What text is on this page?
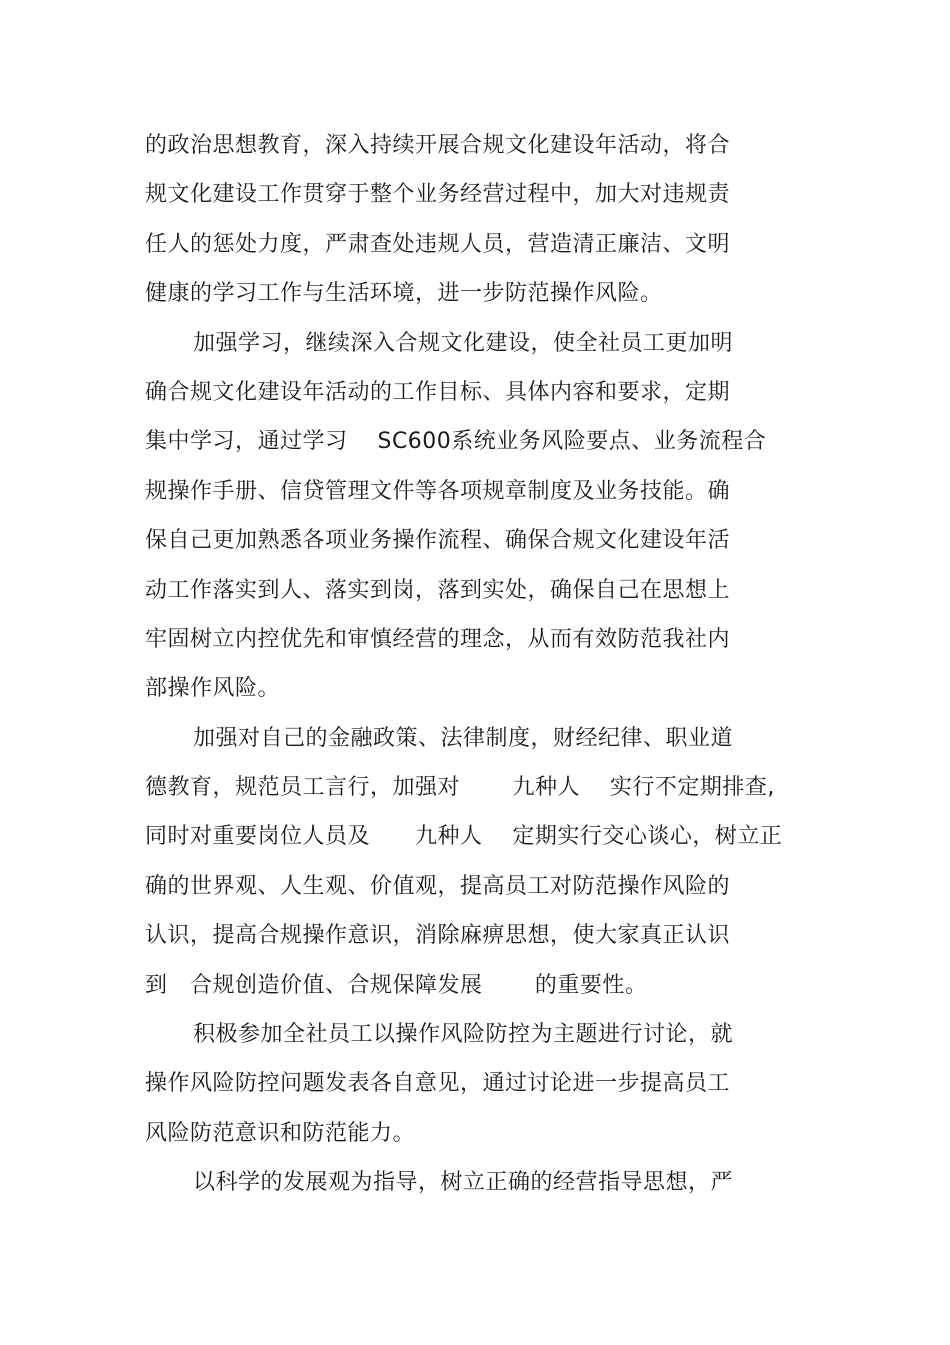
的政治思想教育，深入持续开展合规文化建设年活动，将合
规文化建设工作贯穿于整个业务经营过程中，加大对违规责
任人的惩处力度，严肃查处违规人员，营造清正廉洁、文明
健康的学习工作与生活环境，进一步防范操作风险。
加强学习，继续深入合规文化建设，使全社员工更加明
确合规文化建设年活动的工作目标、具体内容和要求，定期
集中学习，通过学习    SC600系统业务风险要点、业务流程合
规操作手册、信贷管理文件等各项规章制度及业务技能。确
保自己更加熟悉各项业务操作流程、确保合规文化建设年活
动工作落实到人、落实到岗，落到实处，确保自己在思想上
牢固树立内控优先和审慎经营的理念，从而有效防范我社内
部操作风险。
加强对自己的金融政策、法律制度，财经纪律、职业道
德教育，规范员工言行，加强对       九种人    实行不定期排查,
同时对重要岗位人员及      九种人    定期实行交心谈心，树立正
确的世界观、人生观、价值观，提高员工对防范操作风险的
认识，提高合规操作意识，消除麻痹思想，使大家真正认识
到   合规创造价值、合规保障发展       的重要性。
积极参加全社员工以操作风险防控为主题进行讨论，就
操作风险防控问题发表各自意见，通过讨论进一步提高员工
风险防范意识和防范能力。
以科学的发展观为指导，树立正确的经营指导思想，严
